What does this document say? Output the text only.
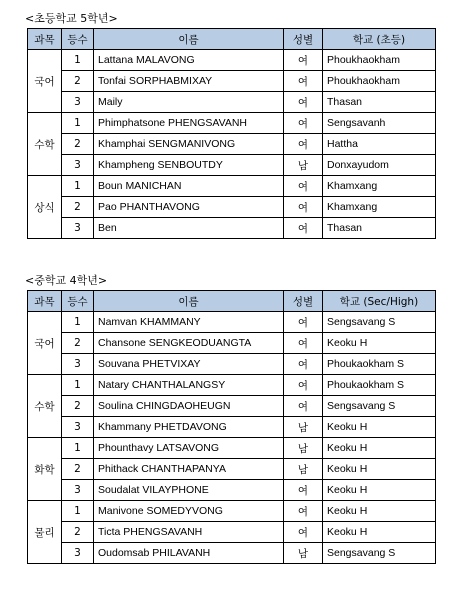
<초등학교 5학년>
과목	등수	이름	성별	학교 (초등)
국어	1	Lattana MALAVONG	여	Phoukhaokham
	2	Tonfai SORPHABMIXAY	여	Phoukhaokham
	3	Maily	여	Thasan
수학	1	Phimphatsone PHENGSAVANH	여	Sengsavanh
	2	Khamphai SENGMANIVONG	여	Hattha
	3	Khampheng SENBOUTDY	남	Donxayudom
상식	1	Boun MANICHAN	여	Khamxang
	2	Pao PHANTHAVONG	여	Khamxang
	3	Ben	여	Thasan
<중학교 4학년>
과목	등수	이름	성별	학교 (Sec/High)
국어	1	Namvan KHAMMANY	여	Sengsavang S
	2	Chansone SENGKEODUANGTA	여	Keoku H
	3	Souvana PHETVIXAY	여	Phoukaokham S
수학	1	Natary CHANTHALANGSY	여	Phoukaokham S
	2	Soulina CHINGDAOHEUGN	여	Sengsavang S
	3	Khammany PHETDAVONG	남	Keoku H
화학	1	Phounthavy LATSAVONG	남	Keoku H
	2	Phithack CHANTHAPANYA	남	Keoku H
	3	Soudalat VILAYPHONE	여	Keoku H
물리	1	Manivone SOMEDYVONG	여	Keoku H
	2	Ticta PHENGSAVANH	여	Keoku H
	3	Oudomsab PHILAVANH	남	Sengsavang S
